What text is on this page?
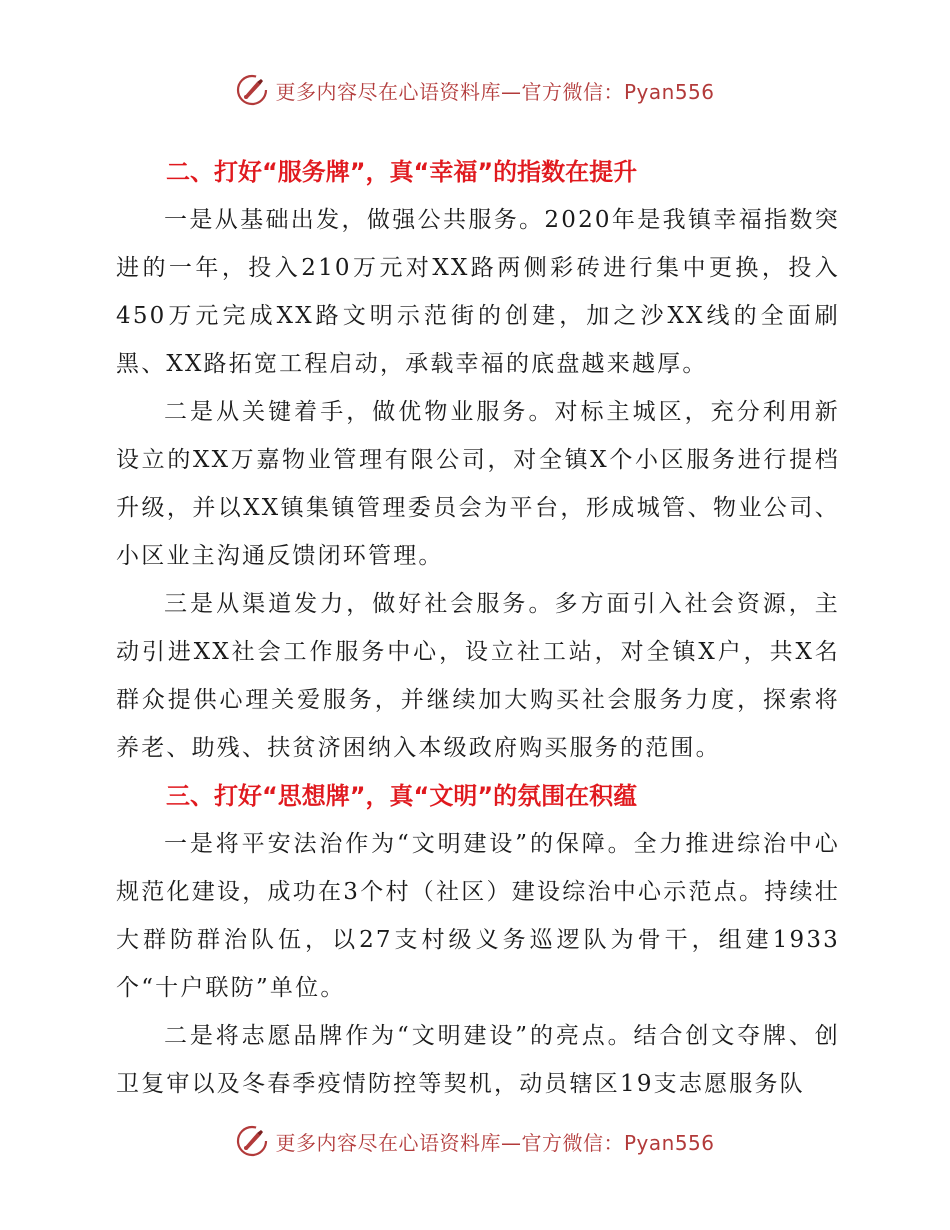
更多内容尽在心语资料库—官方微信：Pyan556
二、打好“服务牌”，真“幸福”的指数在提升

一是从基础出发，做强公共服务。2020年是我镇幸福指数突进的一年，投入210万元对XX路两侧彩砖进行集中更换，投入450万元完成XX路文明示范街的创建，加之沙XX线的全面刷黑、XX路拓宽工程启动，承载幸福的底盘越来越厚。

二是从关键着手，做优物业服务。对标主城区，充分利用新设立的XX万嘉物业管理有限公司，对全镇X个小区服务进行提档升级，并以XX镇集镇管理委员会为平台，形成城管、物业公司、小区业主沟通反馈闭环管理。

三是从渠道发力，做好社会服务。多方面引入社会资源，主动引进XX社会工作服务中心，设立社工站，对全镇X户，共X名群众提供心理关爱服务，并继续加大购买社会服务力度，探索将养老、助残、扶贫济困纳入本级政府购买服务的范围。

三、打好“思想牌”，真“文明”的氛围在积蕴

一是将平安法治作为“文明建设”的保障。全力推进综治中心规范化建设，成功在3个村（社区）建设综治中心示范点。持续壮大群防群治队伍，以27支村级义务巡逻队为骨干，组建1933个“十户联防”单位。

二是将志愿品牌作为“文明建设”的亮点。结合创文夺牌、创卫复审以及冬春季疫情防控等契机，动员辖区19支志愿服务队

更多内容尽在心语资料库—官方微信：Pyan556
